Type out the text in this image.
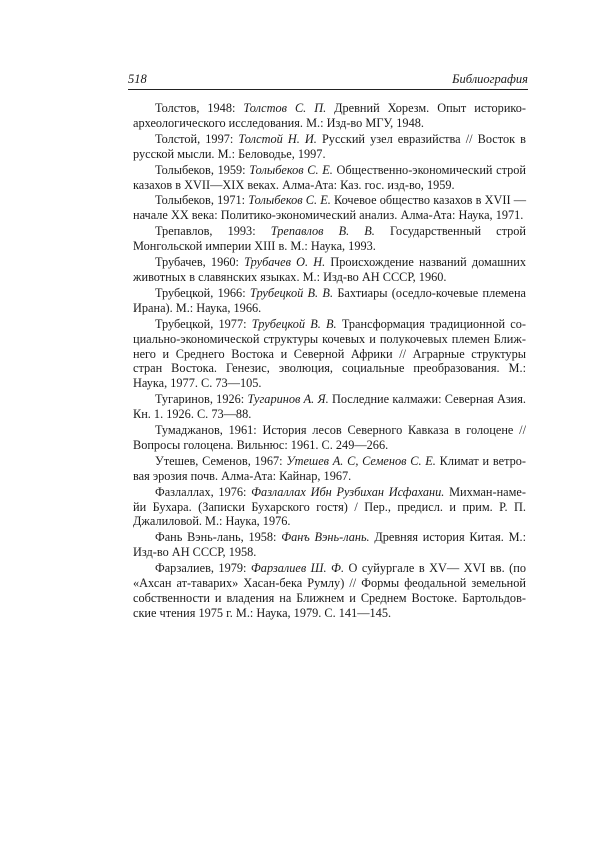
518	Библиография

Толстов, 1948: Толстов С. П. Древний Хорезм. Опыт историко-археологического исследования. М.: Изд-во МГУ, 1948.

Толстой, 1997: Толстой Н. И. Русский узел евразийства // Восток в русской мысли. М.: Беловодье, 1997.

Толыбеков, 1959: Толыбеков С. Е. Общественно-экономический строй казахов в XVII—XIX веках. Алма-Ата: Каз. гос. изд-во, 1959.

Толыбеков, 1971: Толыбеков С. Е. Кочевое общество казахов в XVII — начале XX века: Политико-экономический анализ. Алма-Ата: Наука, 1971.

Трепавлов, 1993: Трепавлов В. В. Государственный строй Монгольской империи XIII в. М.: Наука, 1993.

Трубачев, 1960: Трубачев О. Н. Происхождение названий домашних животных в славянских языках. М.: Изд-во АН СССР, 1960.

Трубецкой, 1966: Трубецкой В. В. Бахтиары (оседло-кочевые племена Ирана). М.: Наука, 1966.

Трубецкой, 1977: Трубецкой В. В. Трансформация традиционной социально-экономической структуры кочевых и полукочевых племен Ближнего и Среднего Востока и Северной Африки // Аграрные структуры стран Востока. Генезис, эволюция, социальные преобразования. М.: Наука, 1977. С. 73—105.

Тугаринов, 1926: Тугаринов А. Я. Последние калмажи: Северная Азия. Кн. 1. 1926. С. 73—88.

Тумаджанов, 1961: История лесов Северного Кавказа в голоцене // Вопросы голоцена. Вильнюс: 1961. С. 249—266.

Утешев, Семенов, 1967: Утешев А. С, Семенов С. Е. Климат и ветровая эрозия почв. Алма-Ата: Кайнар, 1967.

Фазлаллах, 1976: Фазлаллах Ибн Рузбихан Исфахани. Михман-наме-йи Бухара. (Записки Бухарского гостя) / Пер., предисл. и прим. Р. П. Джалиловой. М.: Наука, 1976.

Фань Вэнь-лань, 1958: Фанъ Вэнь-лань. Древняя история Китая. М.: Изд-во АН СССР, 1958.

Фарзалиев, 1979: Фарзалиев Ш. Ф. О суйургале в XV— XVI вв. (по «Ахсан ат-таварих» Хасан-бека Румлу) // Формы феодальной земельной собственности и владения на Ближнем и Среднем Востоке. Бартольдовские чтения 1975 г. М.: Наука, 1979. С. 141—145.
